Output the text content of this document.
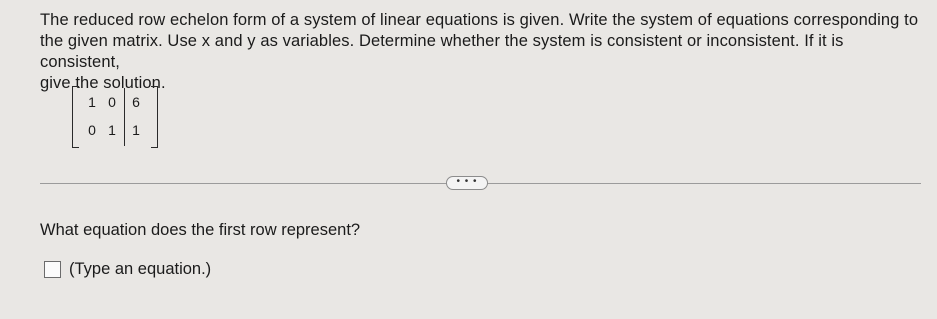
The reduced row echelon form of a system of linear equations is given. Write the system of equations corresponding to
the given matrix. Use x and y as variables. Determine whether the system is consistent or inconsistent. If it is consistent,
give the solution.
1 0 6
0 1 1
• • •
What equation does the first row represent?
(Type an equation.)
